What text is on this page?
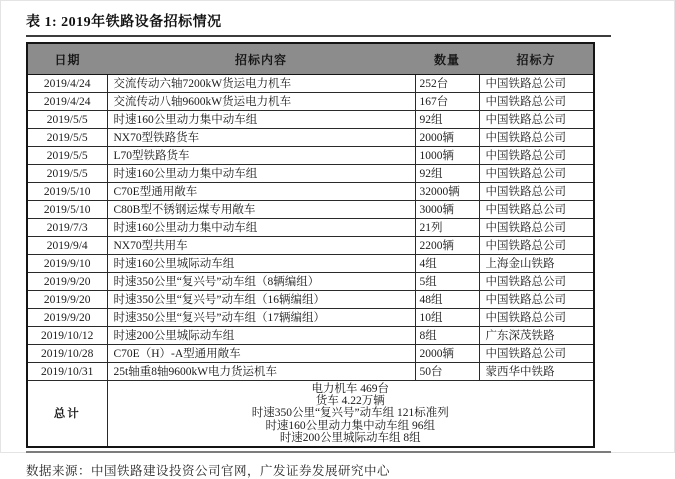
表 1: 2019年铁路设备招标情况
日期	招标内容	数量	招标方
2019/4/24	交流传动六轴7200kW货运电力机车	252台	中国铁路总公司
2019/4/24	交流传动八轴9600kW货运电力机车	167台	中国铁路总公司
2019/5/5	时速160公里动力集中动车组	92组	中国铁路总公司
2019/5/5	NX70型铁路货车	2000辆	中国铁路总公司
2019/5/5	L70型铁路货车	1000辆	中国铁路总公司
2019/5/5	时速160公里动力集中动车组	92组	中国铁路总公司
2019/5/10	C70E型通用敞车	32000辆	中国铁路总公司
2019/5/10	C80B型不锈钢运煤专用敞车	3000辆	中国铁路总公司
2019/7/3	时速160公里动力集中动车组	21列	中国铁路总公司
2019/9/4	NX70型共用车	2200辆	中国铁路总公司
2019/9/10	时速160公里城际动车组	4组	上海金山铁路
2019/9/20	时速350公里“复兴号”动车组（8辆编组）	5组	中国铁路总公司
2019/9/20	时速350公里“复兴号”动车组（16辆编组）	48组	中国铁路总公司
2019/9/20	时速350公里“复兴号”动车组（17辆编组）	10组	中国铁路总公司
2019/10/12	时速200公里城际动车组	8组	广东深茂铁路
2019/10/28	C70E（H）-A型通用敞车	2000辆	中国铁路总公司
2019/10/31	25t轴重8轴9600kW电力货运机车	50台	蒙西华中铁路
总计	电力机车 469台
货车 4.22万辆
时速350公里“复兴号”动车组 121标准列
时速160公里动力集中动车组 96组
时速200公里城际动车组 8组		
数据来源：中国铁路建设投资公司官网，广发证券发展研究中心
